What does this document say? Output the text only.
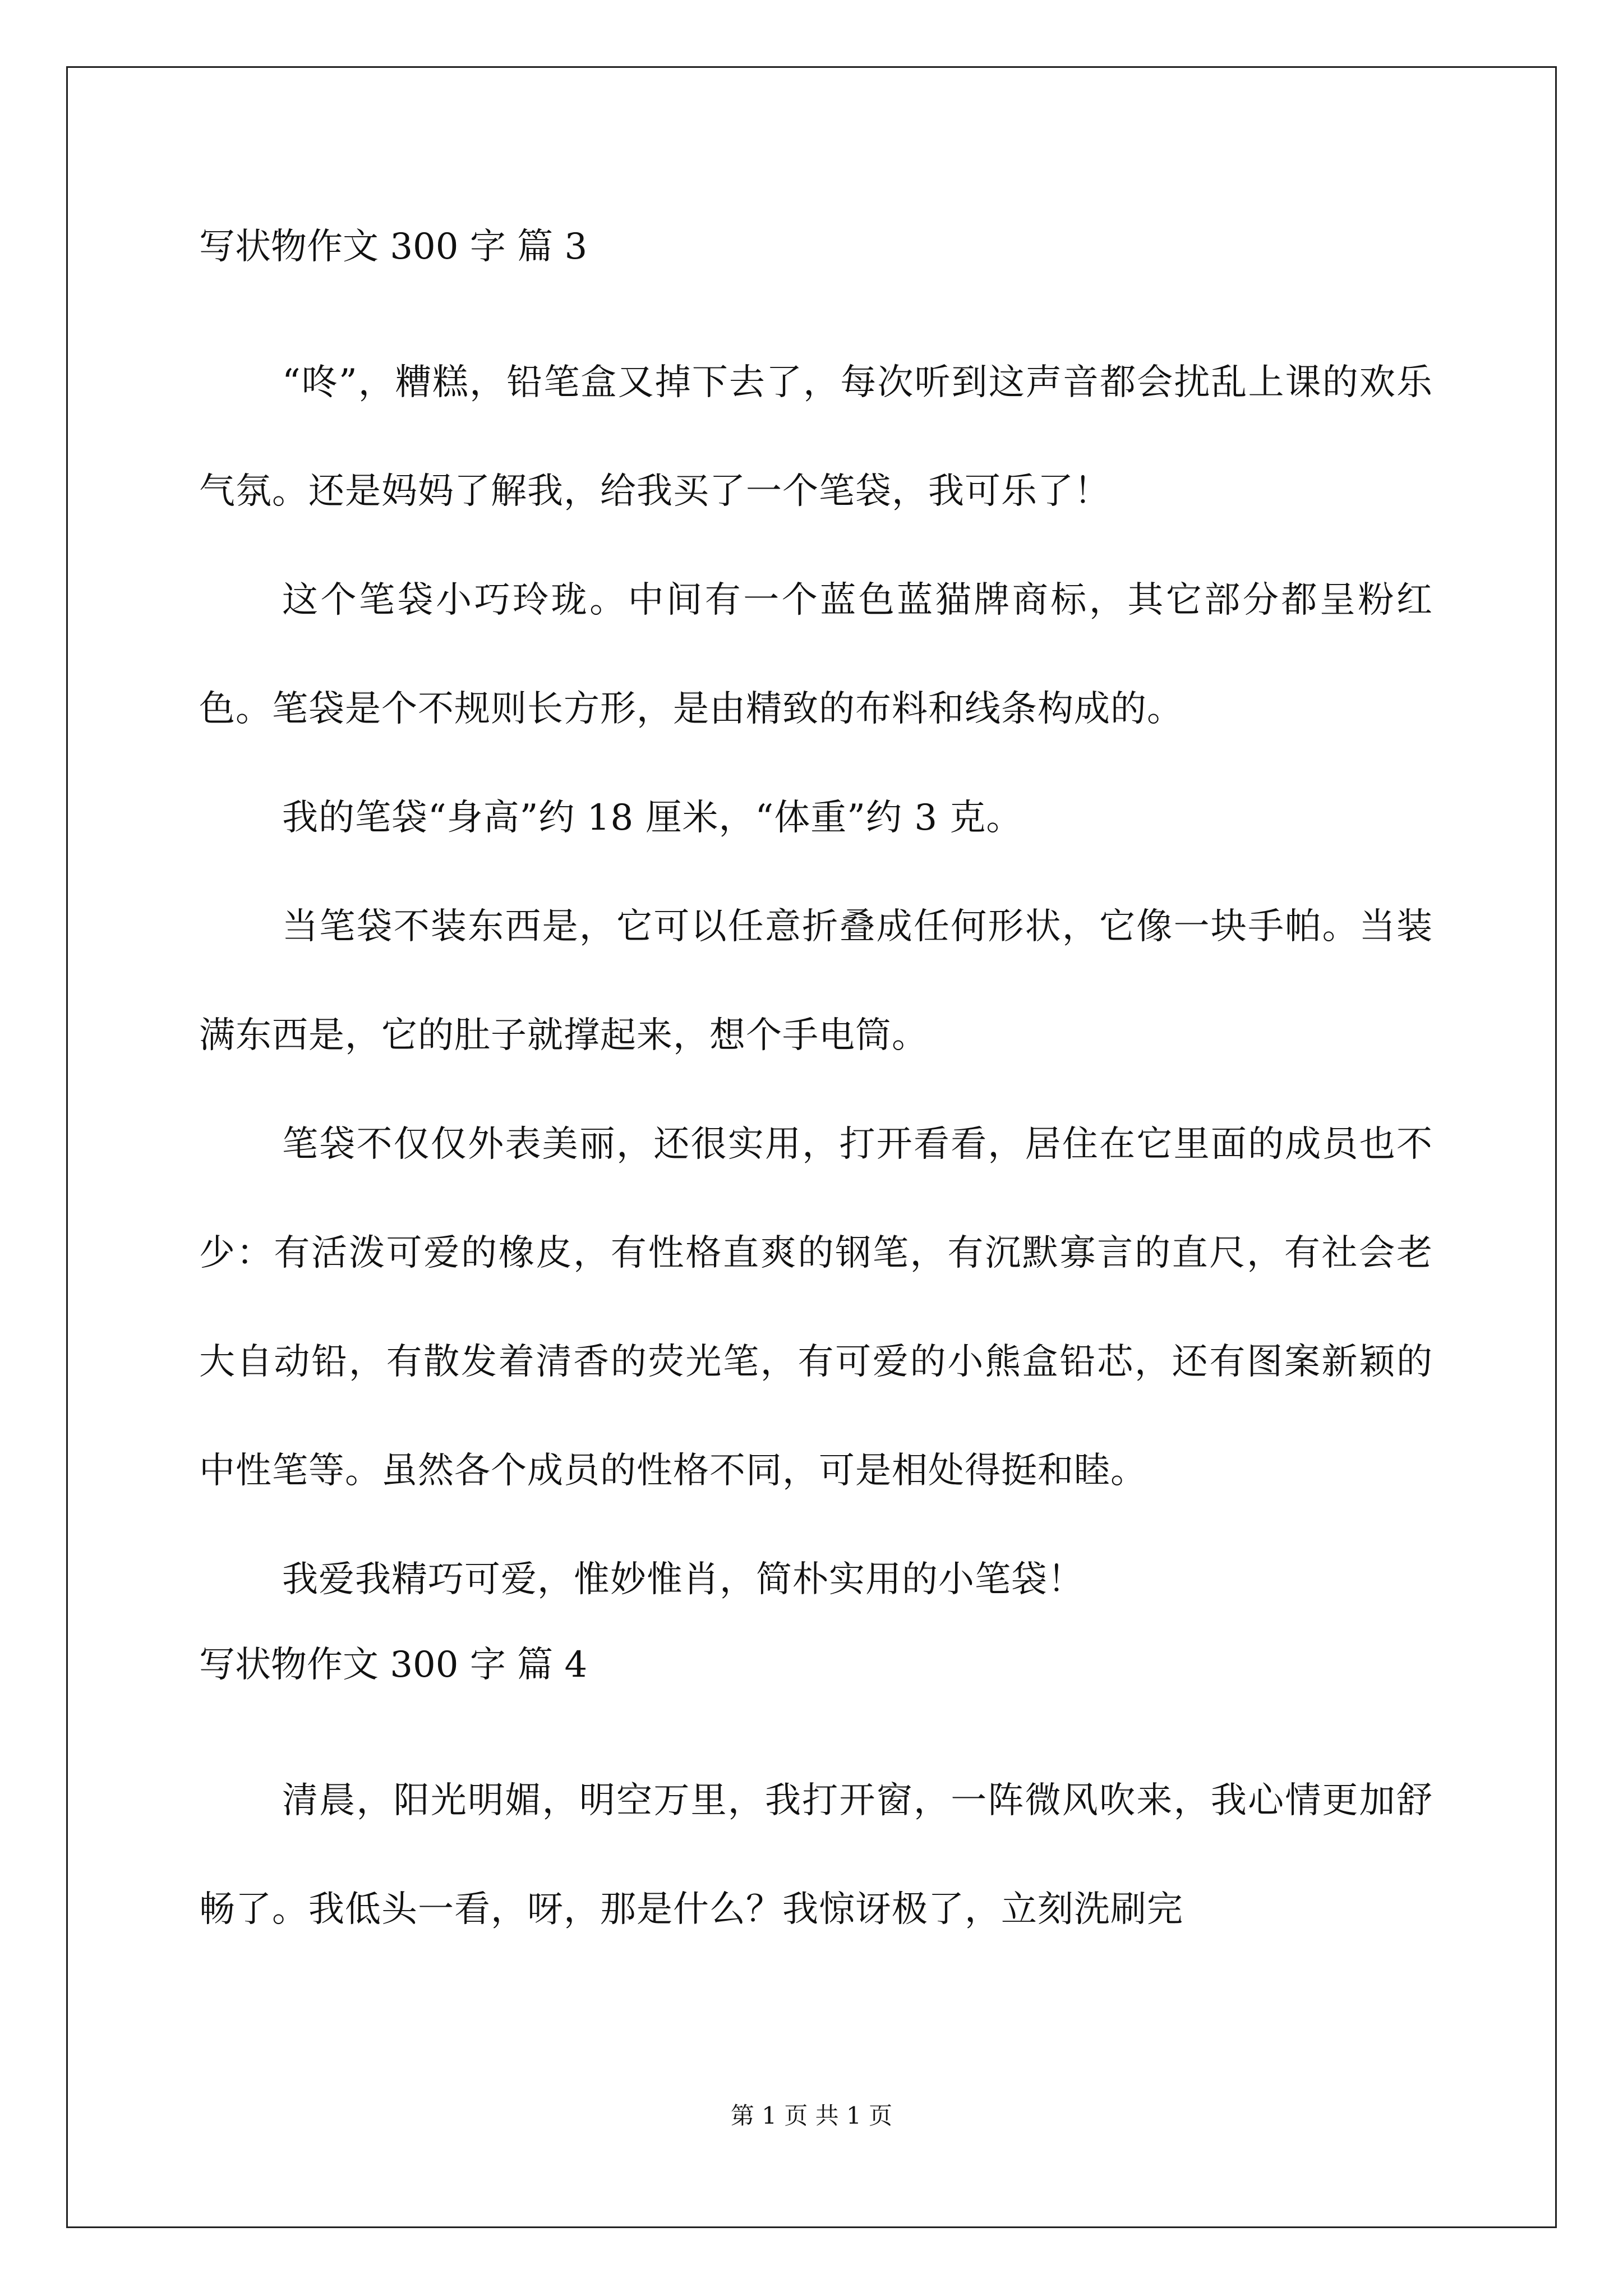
写状物作文 300 字 篇 3

“咚”，糟糕，铅笔盒又掉下去了，每次听到这声音都会扰乱上课的欢乐气氛。还是妈妈了解我，给我买了一个笔袋，我可乐了！

这个笔袋小巧玲珑。中间有一个蓝色蓝猫牌商标，其它部分都呈粉红色。笔袋是个不规则长方形，是由精致的布料和线条构成的。

我的笔袋“身高”约 18 厘米，“体重”约 3 克。

当笔袋不装东西是，它可以任意折叠成任何形状，它像一块手帕。当装满东西是，它的肚子就撑起来，想个手电筒。

笔袋不仅仅外表美丽，还很实用，打开看看，居住在它里面的成员也不少：有活泼可爱的橡皮，有性格直爽的钢笔，有沉默寡言的直尺，有社会老大自动铅，有散发着清香的荧光笔，有可爱的小熊盒铅芯，还有图案新颖的中性笔等。虽然各个成员的性格不同，可是相处得挺和睦。

我爱我精巧可爱，惟妙惟肖，简朴实用的小笔袋！

写状物作文 300 字 篇 4

清晨，阳光明媚，明空万里，我打开窗，一阵微风吹来，我心情更加舒畅了。我低头一看，呀，那是什么？我惊讶极了，立刻洗刷完

第 1 页 共 1 页
